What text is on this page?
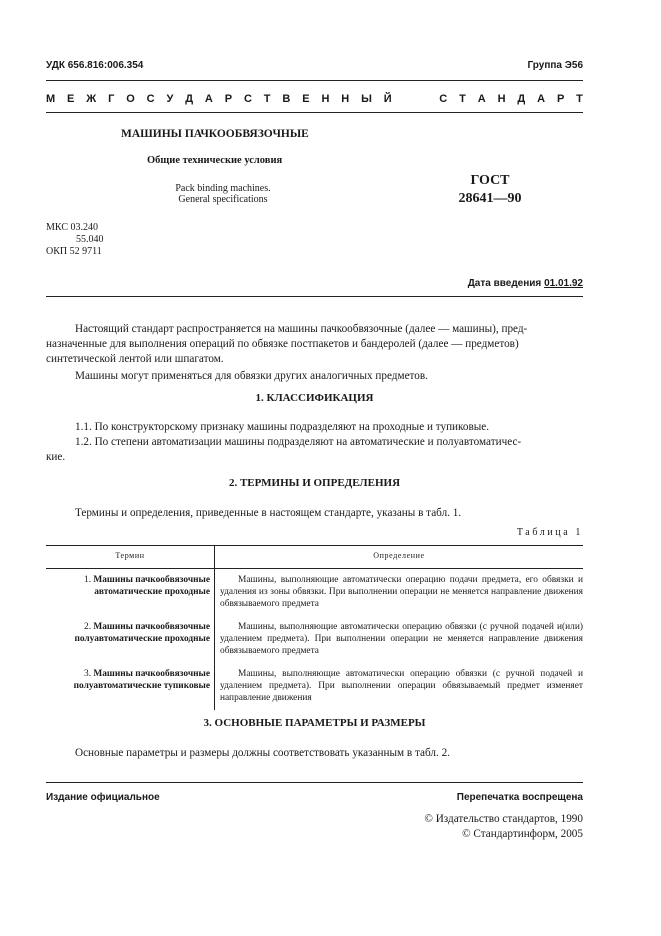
УДК 656.816:006.354	Группа Э56
М Е Ж Г О С У Д А Р С Т В Е Н Н Ы Й	С Т А Н Д А Р Т
МАШИНЫ ПАЧКООБВЯЗОЧНЫЕ
Общие технические условия
Pack binding machines.
General specifications
ГОСТ
28641—90
МКС 03.240
55.040
ОКП 52 9711
Дата введения 01.01.92
Настоящий стандарт распространяется на машины пачкообвязочные (далее — машины), пред-
назначенные для выполнения операций по обвязке постпакетов и бандеролей (далее — предметов)
синтетической лентой или шпагатом.
Машины могут применяться для обвязки других аналогичных предметов.
1. КЛАССИФИКАЦИЯ
1.1. По конструкторскому признаку машины подразделяют на проходные и тупиковые.
1.2. По степени автоматизации машины подразделяют на автоматические и полуавтоматичес-
кие.
2. ТЕРМИНЫ И ОПРЕДЕЛЕНИЯ
Термины и определения, приведенные в настоящем стандарте, указаны в табл. 1.
Таблица 1
Термин	Определение
1. Машины пачкообвязочные
автоматические проходные	Машины, выполняющие автоматически операцию подачи предмета, его обвязки и удаления из зоны обвязки. При выполнении операции не меняется направление движения обвязываемого предмета
2. Машины пачкообвязочные
полуавтоматические проходные	Машины, выполняющие автоматически операцию обвязки (с ручной подачей и(или) удалением предмета). При выполнении операции не меняется направление движения обвязываемого предмета
3. Машины пачкообвязочные
полуавтоматические тупиковые	Машины, выполняющие автоматически операцию обвязки (с ручной подачей и удалением предмета). При выполнении операции обвязываемый предмет изменяет направление движения
3. ОСНОВНЫЕ ПАРАМЕТРЫ И РАЗМЕРЫ
Основные параметры и размеры должны соответствовать указанным в табл. 2.
Издание официальное	Перепечатка воспрещена
© Издательство стандартов, 1990
© Стандартинформ, 2005
